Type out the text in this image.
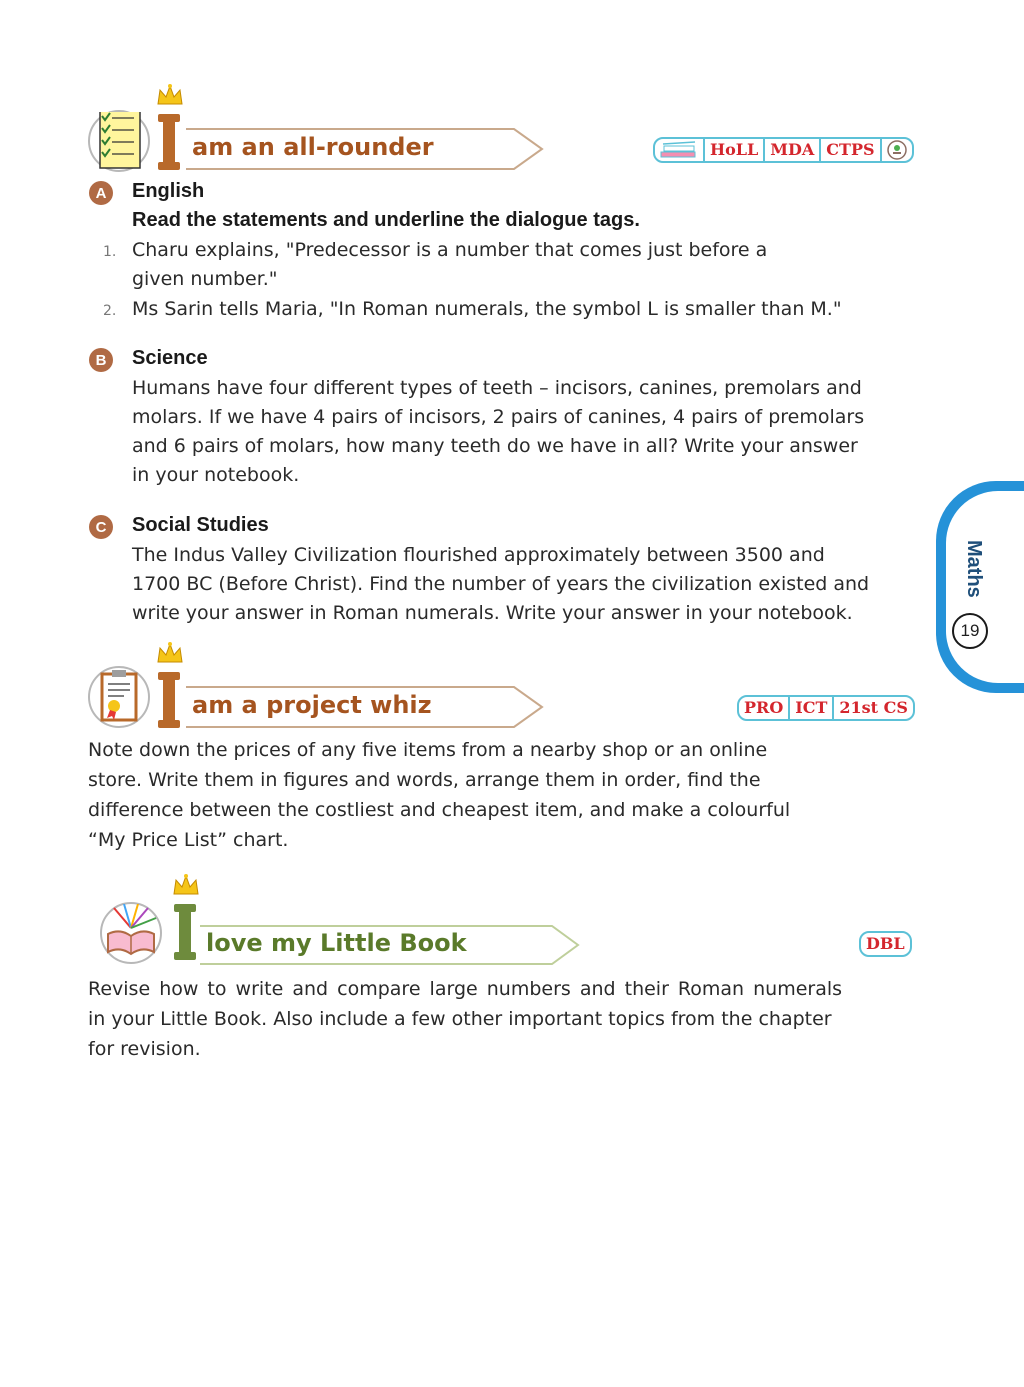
am an all-rounder	HoLL MDA CTPS
A	English
Read the statements and underline the dialogue tags.
1. Charu explains, "Predecessor is a number that comes just before a
given number."
2. Ms Sarin tells Maria, "In Roman numerals, the symbol L is smaller than M."
B	Science
Humans have four different types of teeth – incisors, canines, premolars and
molars. If we have 4 pairs of incisors, 2 pairs of canines, 4 pairs of premolars
and 6 pairs of molars, how many teeth do we have in all? Write your answer
in your notebook.
C	Social Studies
The Indus Valley Civilization flourished approximately between 3500 and
1700 BC (Before Christ). Find the number of years the civilization existed and
write your answer in Roman numerals. Write your answer in your notebook.
Maths
19
am a project whiz	PRO ICT 21st CS
Note down the prices of any five items from a nearby shop or an online
store. Write them in figures and words, arrange them in order, find the
difference between the costliest and cheapest item, and make a colourful
“My Price List” chart.
love my Little Book	DBL
Revise how to write and compare large numbers and their Roman numerals
in your Little Book. Also include a few other important topics from the chapter
for revision.
